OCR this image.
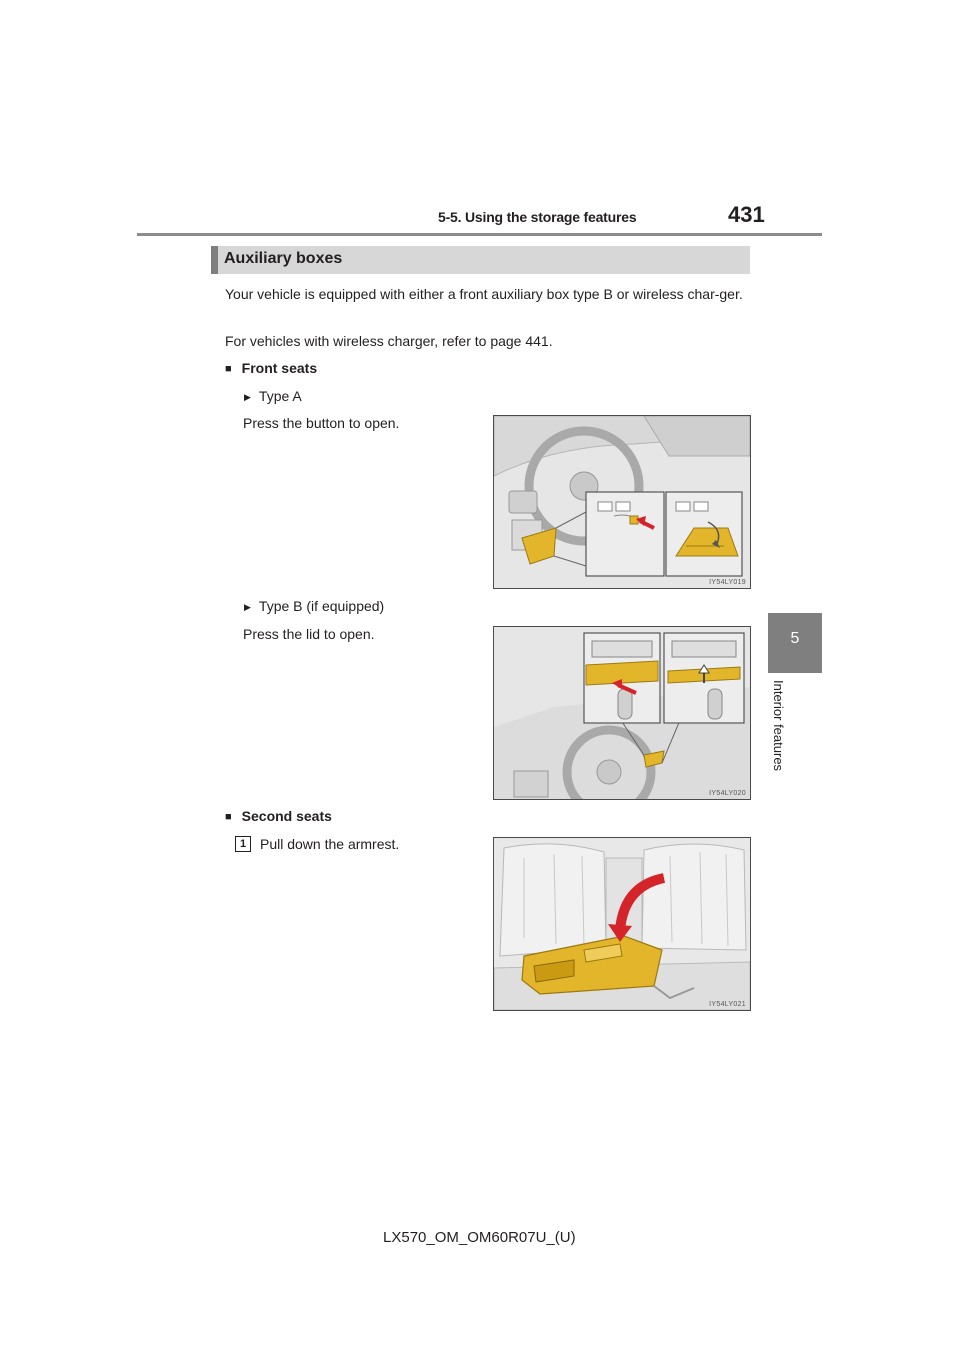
5-5. Using the storage features	431
5
Interior features
Auxiliary boxes
Your vehicle is equipped with either a front auxiliary box type B or wireless char-ger.
For vehicles with wireless charger, refer to page 441.
■ Front seats
▶ Type A
Press the button to open.
▶ Type B (if equipped)
Press the lid to open.
■ Second seats
1 Pull down the armrest.
IY54LY019
IY54LY020
IY54LY021
LX570_OM_OM60R07U_(U)
